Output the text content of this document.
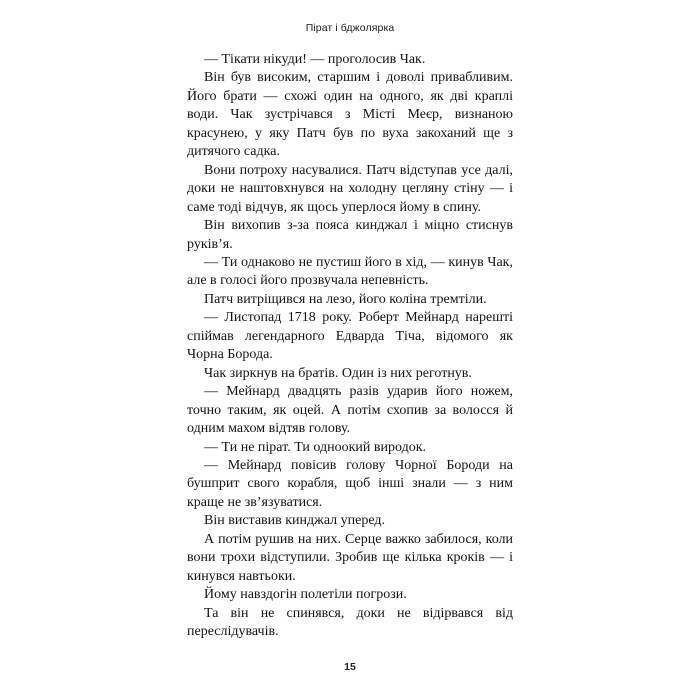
Пірат і бджолярка

— Тікати нікуди! — проголосив Чак.

Він був високим, старшим і доволі привабливим. Його брати — схожі один на одного, як дві краплі води. Чак зустрічався з Місті Меєр, визнаною красунею, у яку Патч був по вуха закоханий ще з дитячого садка.

Вони потроху насувалися. Патч відступав усе далі, доки не наштовхнувся на холодну цегляну стіну — і саме тоді відчув, як щось уперлося йому в спину.

Він вихопив з-за пояса кинджал і міцно стиснув руків’я.

— Ти однаково не пустиш його в хід, — кинув Чак, але в голосі його прозвучала непевність.

Патч витріщився на лезо, його коліна тремтіли.

— Листопад 1718 року. Роберт Мейнард нарешті спіймав легендарного Едварда Тіча, відомого як Чорна Борода.

Чак зиркнув на братів. Один із них реготнув.

— Мейнард двадцять разів ударив його ножем, точно таким, як оцей. А потім схопив за волосся й одним махом відтяв голову.

— Ти не пірат. Ти одноокий виродок.

— Мейнард повісив голову Чорної Бороди на бушприт свого корабля, щоб інші знали — з ним краще не зв’язуватися.

Він виставив кинджал уперед.

А потім рушив на них. Серце важко забилося, коли вони трохи відступили. Зробив ще кілька кроків — і кинувся навтьоки.

Йому навздогін полетіли погрози.

Та він не спинявся, доки не відірвався від переслідувачів.

15
